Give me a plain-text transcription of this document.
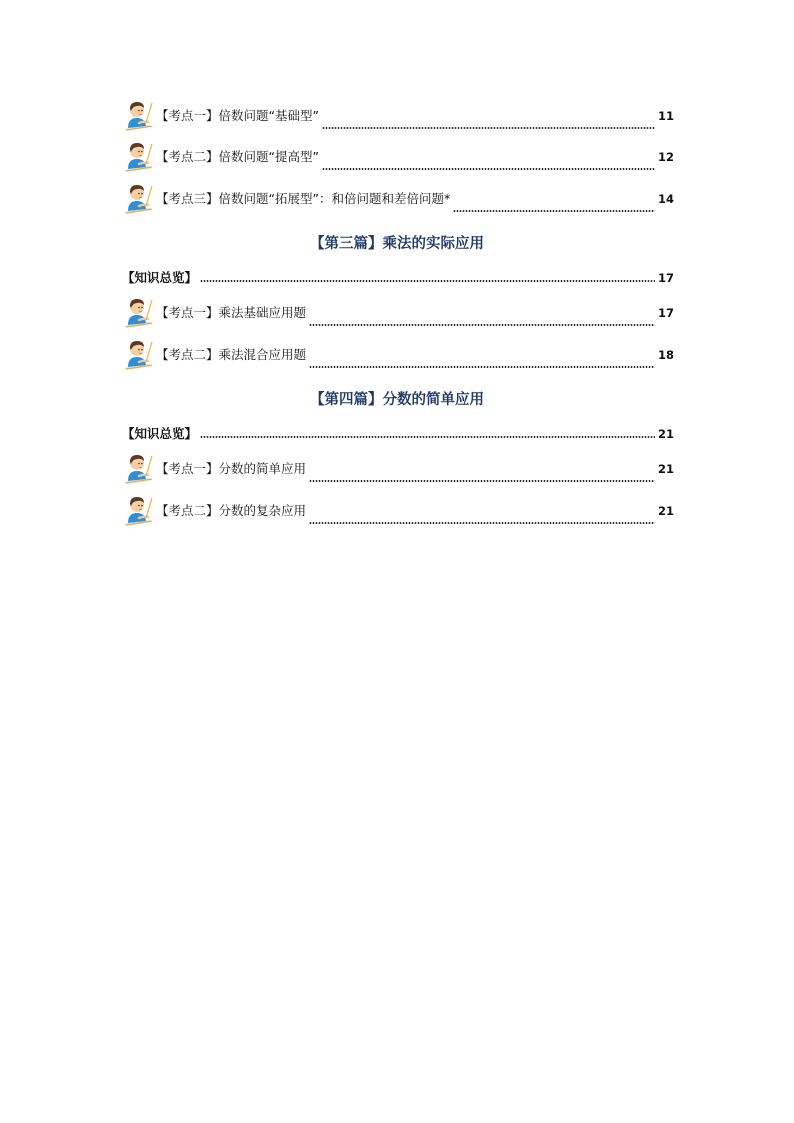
【考点一】倍数问题“基础型”	11
【考点二】倍数问题“提高型”	12
【考点三】倍数问题“拓展型”：和倍问题和差倍问题*	14
【第三篇】乘法的实际应用
【知识总览】	17
【考点一】乘法基础应用题	17
【考点二】乘法混合应用题	18
【第四篇】分数的简单应用
【知识总览】	21
【考点一】分数的简单应用	21
【考点二】分数的复杂应用	21
